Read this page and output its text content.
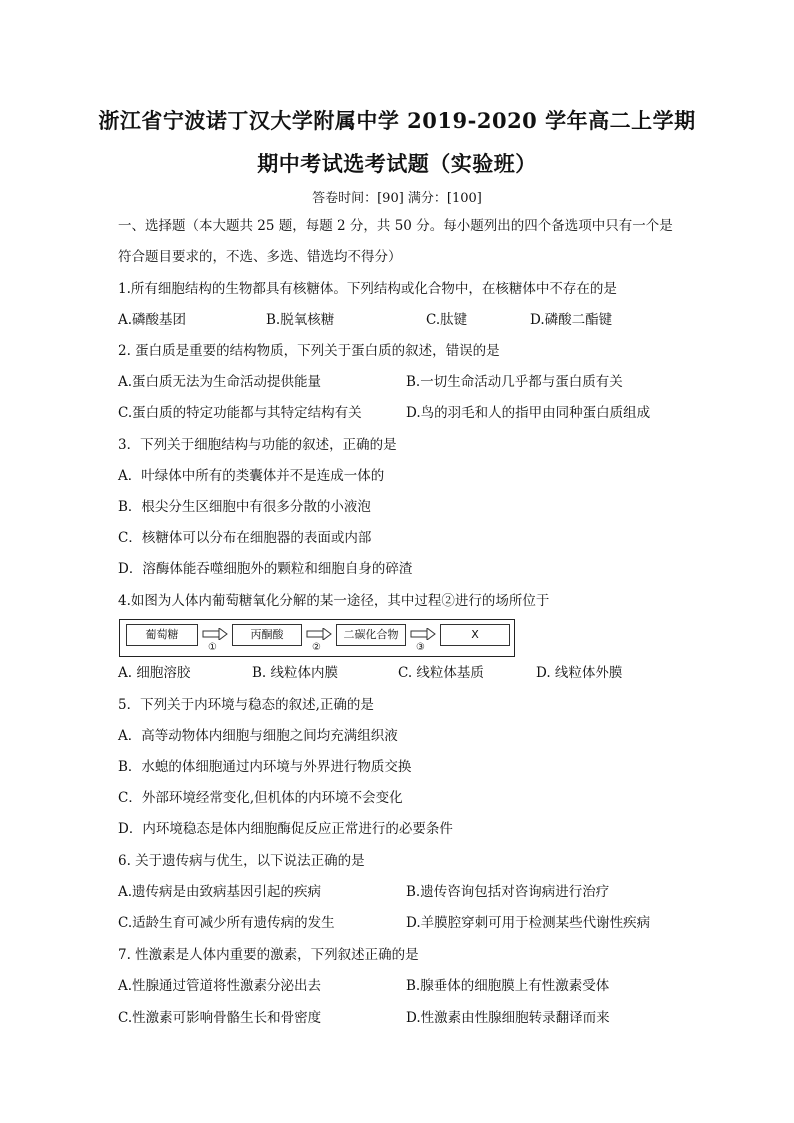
浙江省宁波诺丁汉大学附属中学 2019-2020 学年高二上学期
期中考试选考试题（实验班）
答卷时间：[90] 满分：[100]
一、选择题（本大题共 25 题，每题 2 分，共 50 分。每小题列出的四个备选项中只有一个是
符合题目要求的，不选、多选、错选均不得分）
1.所有细胞结构的生物都具有核糖体。下列结构或化合物中，在核糖体中不存在的是
A.磷酸基团	B.脱氧核糖	C.肽键	D.磷酸二酯键
2. 蛋白质是重要的结构物质，下列关于蛋白质的叙述，错误的是
A.蛋白质无法为生命活动提供能量	B.一切生命活动几乎都与蛋白质有关
C.蛋白质的特定功能都与其特定结构有关	D.鸟的羽毛和人的指甲由同种蛋白质组成
3．下列关于细胞结构与功能的叙述，正确的是
A．叶绿体中所有的类囊体并不是连成一体的
B．根尖分生区细胞中有很多分散的小液泡
C．核糖体可以分布在细胞器的表面或内部
D．溶酶体能吞噬细胞外的颗粒和细胞自身的碎渣
4.如图为人体内葡萄糖氧化分解的某一途径，其中过程②进行的场所位于
葡萄糖
①
丙酮酸
②
二碳化合物
③
X
A. 细胞溶胶	B. 线粒体内膜	C. 线粒体基质	D. 线粒体外膜
5．下列关于内环境与稳态的叙述,正确的是
A．高等动物体内细胞与细胞之间均充满组织液
B．水螅的体细胞通过内环境与外界进行物质交换
C．外部环境经常变化,但机体的内环境不会变化
D．内环境稳态是体内细胞酶促反应正常进行的必要条件
6. 关于遗传病与优生，以下说法正确的是
A.遗传病是由致病基因引起的疾病	B.遗传咨询包括对咨询病进行治疗
C.适龄生育可减少所有遗传病的发生	D.羊膜腔穿刺可用于检测某些代谢性疾病
7. 性激素是人体内重要的激素，下列叙述正确的是
A.性腺通过管道将性激素分泌出去	B.腺垂体的细胞膜上有性激素受体
C.性激素可影响骨骼生长和骨密度	D.性激素由性腺细胞转录翻译而来
